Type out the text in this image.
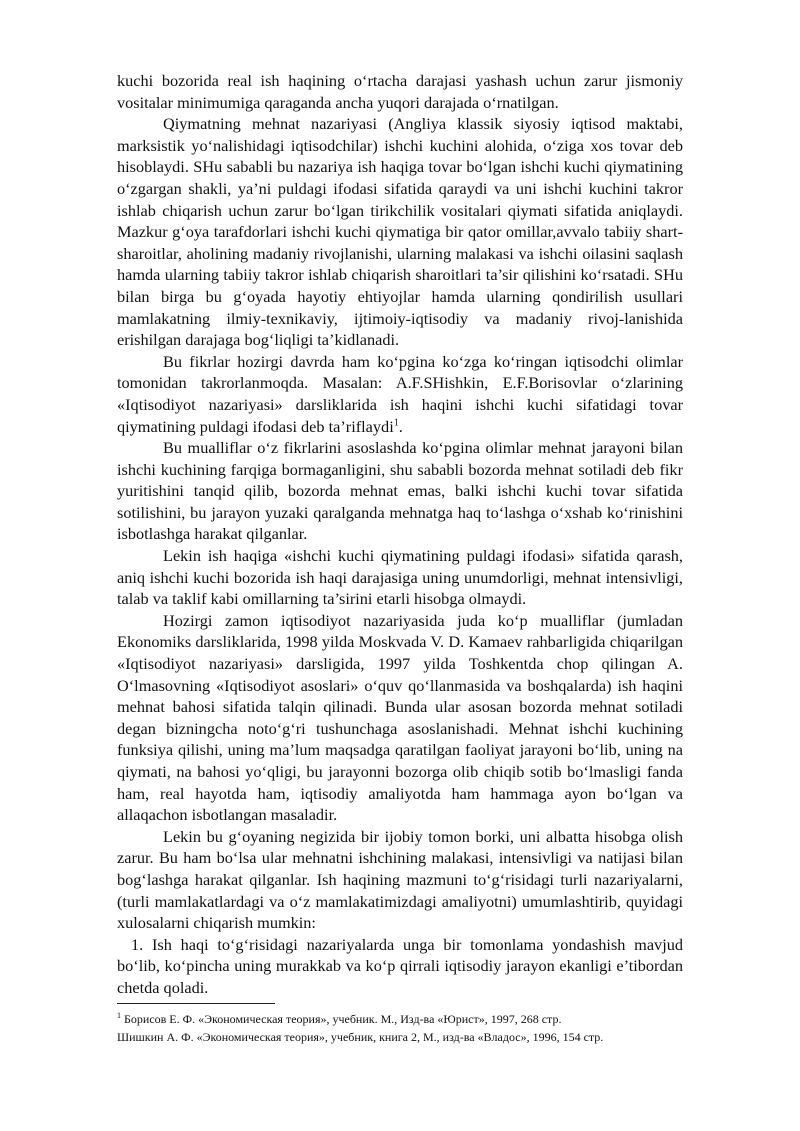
kuchi bozorida real ish haqining o‘rtacha darajasi yashash uchun zarur jismoniy vositalar minimumiga qaraganda ancha yuqori darajada o‘rnatilgan.

Qiymatning mehnat nazariyasi (Angliya klassik siyosiy iqtisod maktabi, marksistik yo‘nalishidagi iqtisodchilar) ishchi kuchini alohida, o‘ziga xos tovar deb hisoblaydi. SHu sababli bu nazariya ish haqiga tovar bo‘lgan ishchi kuchi qiymatining o‘zgargan shakli, ya’ni puldagi ifodasi sifatida qaraydi va uni ishchi kuchini takror ishlab chiqarish uchun zarur bo‘lgan tirikchilik vositalari qiymati sifatida aniqlaydi. Mazkur g‘oya tarafdorlari ishchi kuchi qiymatiga bir qator omillar,avvalo tabiiy shart-sharoitlar, aholining madaniy rivojlanishi, ularning malakasi va ishchi oilasini saqlash hamda ularning tabiiy takror ishlab chiqarish sharoitlari ta’sir qilishini ko‘rsatadi. SHu bilan birga bu g‘oyada hayotiy ehtiyojlar hamda ularning qondirilish usullari mamlakatning ilmiy-texnikaviy, ijtimoiy-iqtisodiy va madaniy rivoj-lanishida erishilgan darajaga bog‘liqligi ta’kidlanadi.

Bu fikrlar hozirgi davrda ham ko‘pgina ko‘zga ko‘ringan iqtisodchi olimlar tomonidan takrorlanmoqda. Masalan: A.F.SHishkin, E.F.Borisovlar o‘zlarining «Iqtisodiyot nazariyasi» darsliklarida ish haqini ishchi kuchi sifatidagi tovar qiymatining puldagi ifodasi deb ta’riflaydi$^1$.

Bu mualliflar o‘z fikrlarini asoslashda ko‘pgina olimlar mehnat jarayoni bilan ishchi kuchining farqiga bormaganligini, shu sababli bozorda mehnat sotiladi deb fikr yuritishini tanqid qilib, bozorda mehnat emas, balki ishchi kuchi tovar sifatida sotilishini, bu jarayon yuzaki qaralganda mehnatga haq to‘lashga o‘xshab ko‘rinishini isbotlashga harakat qilganlar.

Lekin ish haqiga «ishchi kuchi qiymatining puldagi ifodasi» sifatida qarash, aniq ishchi kuchi bozorida ish haqi darajasiga uning unumdorligi, mehnat intensivligi, talab va taklif kabi omillarning ta’sirini etarli hisobga olmaydi.

Hozirgi zamon iqtisodiyot nazariyasida juda ko‘p mualliflar (jumladan Ekonomiks darsliklarida, 1998 yilda Moskvada V. D. Kamaev rahbarligida chiqarilgan «Iqtisodiyot nazariyasi» darsligida, 1997 yilda Toshkentda chop qilingan A. O‘lmasovning «Iqtisodiyot asoslari» o‘quv qo‘llanmasida va boshqalarda) ish haqini mehnat bahosi sifatida talqin qilinadi. Bunda ular asosan bozorda mehnat sotiladi degan bizningcha noto‘g‘ri tushunchaga asoslanishadi. Mehnat ishchi kuchining funksiya qilishi, uning ma’lum maqsadga qaratilgan faoliyat jarayoni bo‘lib, uning na qiymati, na bahosi yo‘qligi, bu jarayonni bozorga olib chiqib sotib bo‘lmasligi fanda ham, real hayotda ham, iqtisodiy amaliyotda ham hammaga ayon bo‘lgan va allaqachon isbotlangan masaladir.

Lekin bu g‘oyaning negizida bir ijobiy tomon borki, uni albatta hisobga olish zarur. Bu ham bo‘lsa ular mehnatni ishchining malakasi, intensivligi va natijasi bilan bog‘lashga harakat qilganlar. Ish haqining mazmuni to‘g‘risidagi turli nazariyalarni, (turli mamlakatlardagi va o‘z mamlakatimizdagi amaliyotni) umumlashtirib, quyidagi xulosalarni chiqarish mumkin:

1. Ish haqi to‘g‘risidagi nazariyalarda unga bir tomonlama yondashish mavjud bo‘lib, ko‘pincha uning murakkab va ko‘p qirrali iqtisodiy jarayon ekanligi e’tibordan chetda qoladi.

$^1$ Борисов Е. Ф. «Экономическая теория», учебник. М., Изд-ва «Юрист», 1997, 268 стр.

Шишкин А. Ф. «Экономическая теория», учебник, книга 2, М., изд-ва «Владос», 1996, 154 стр.
